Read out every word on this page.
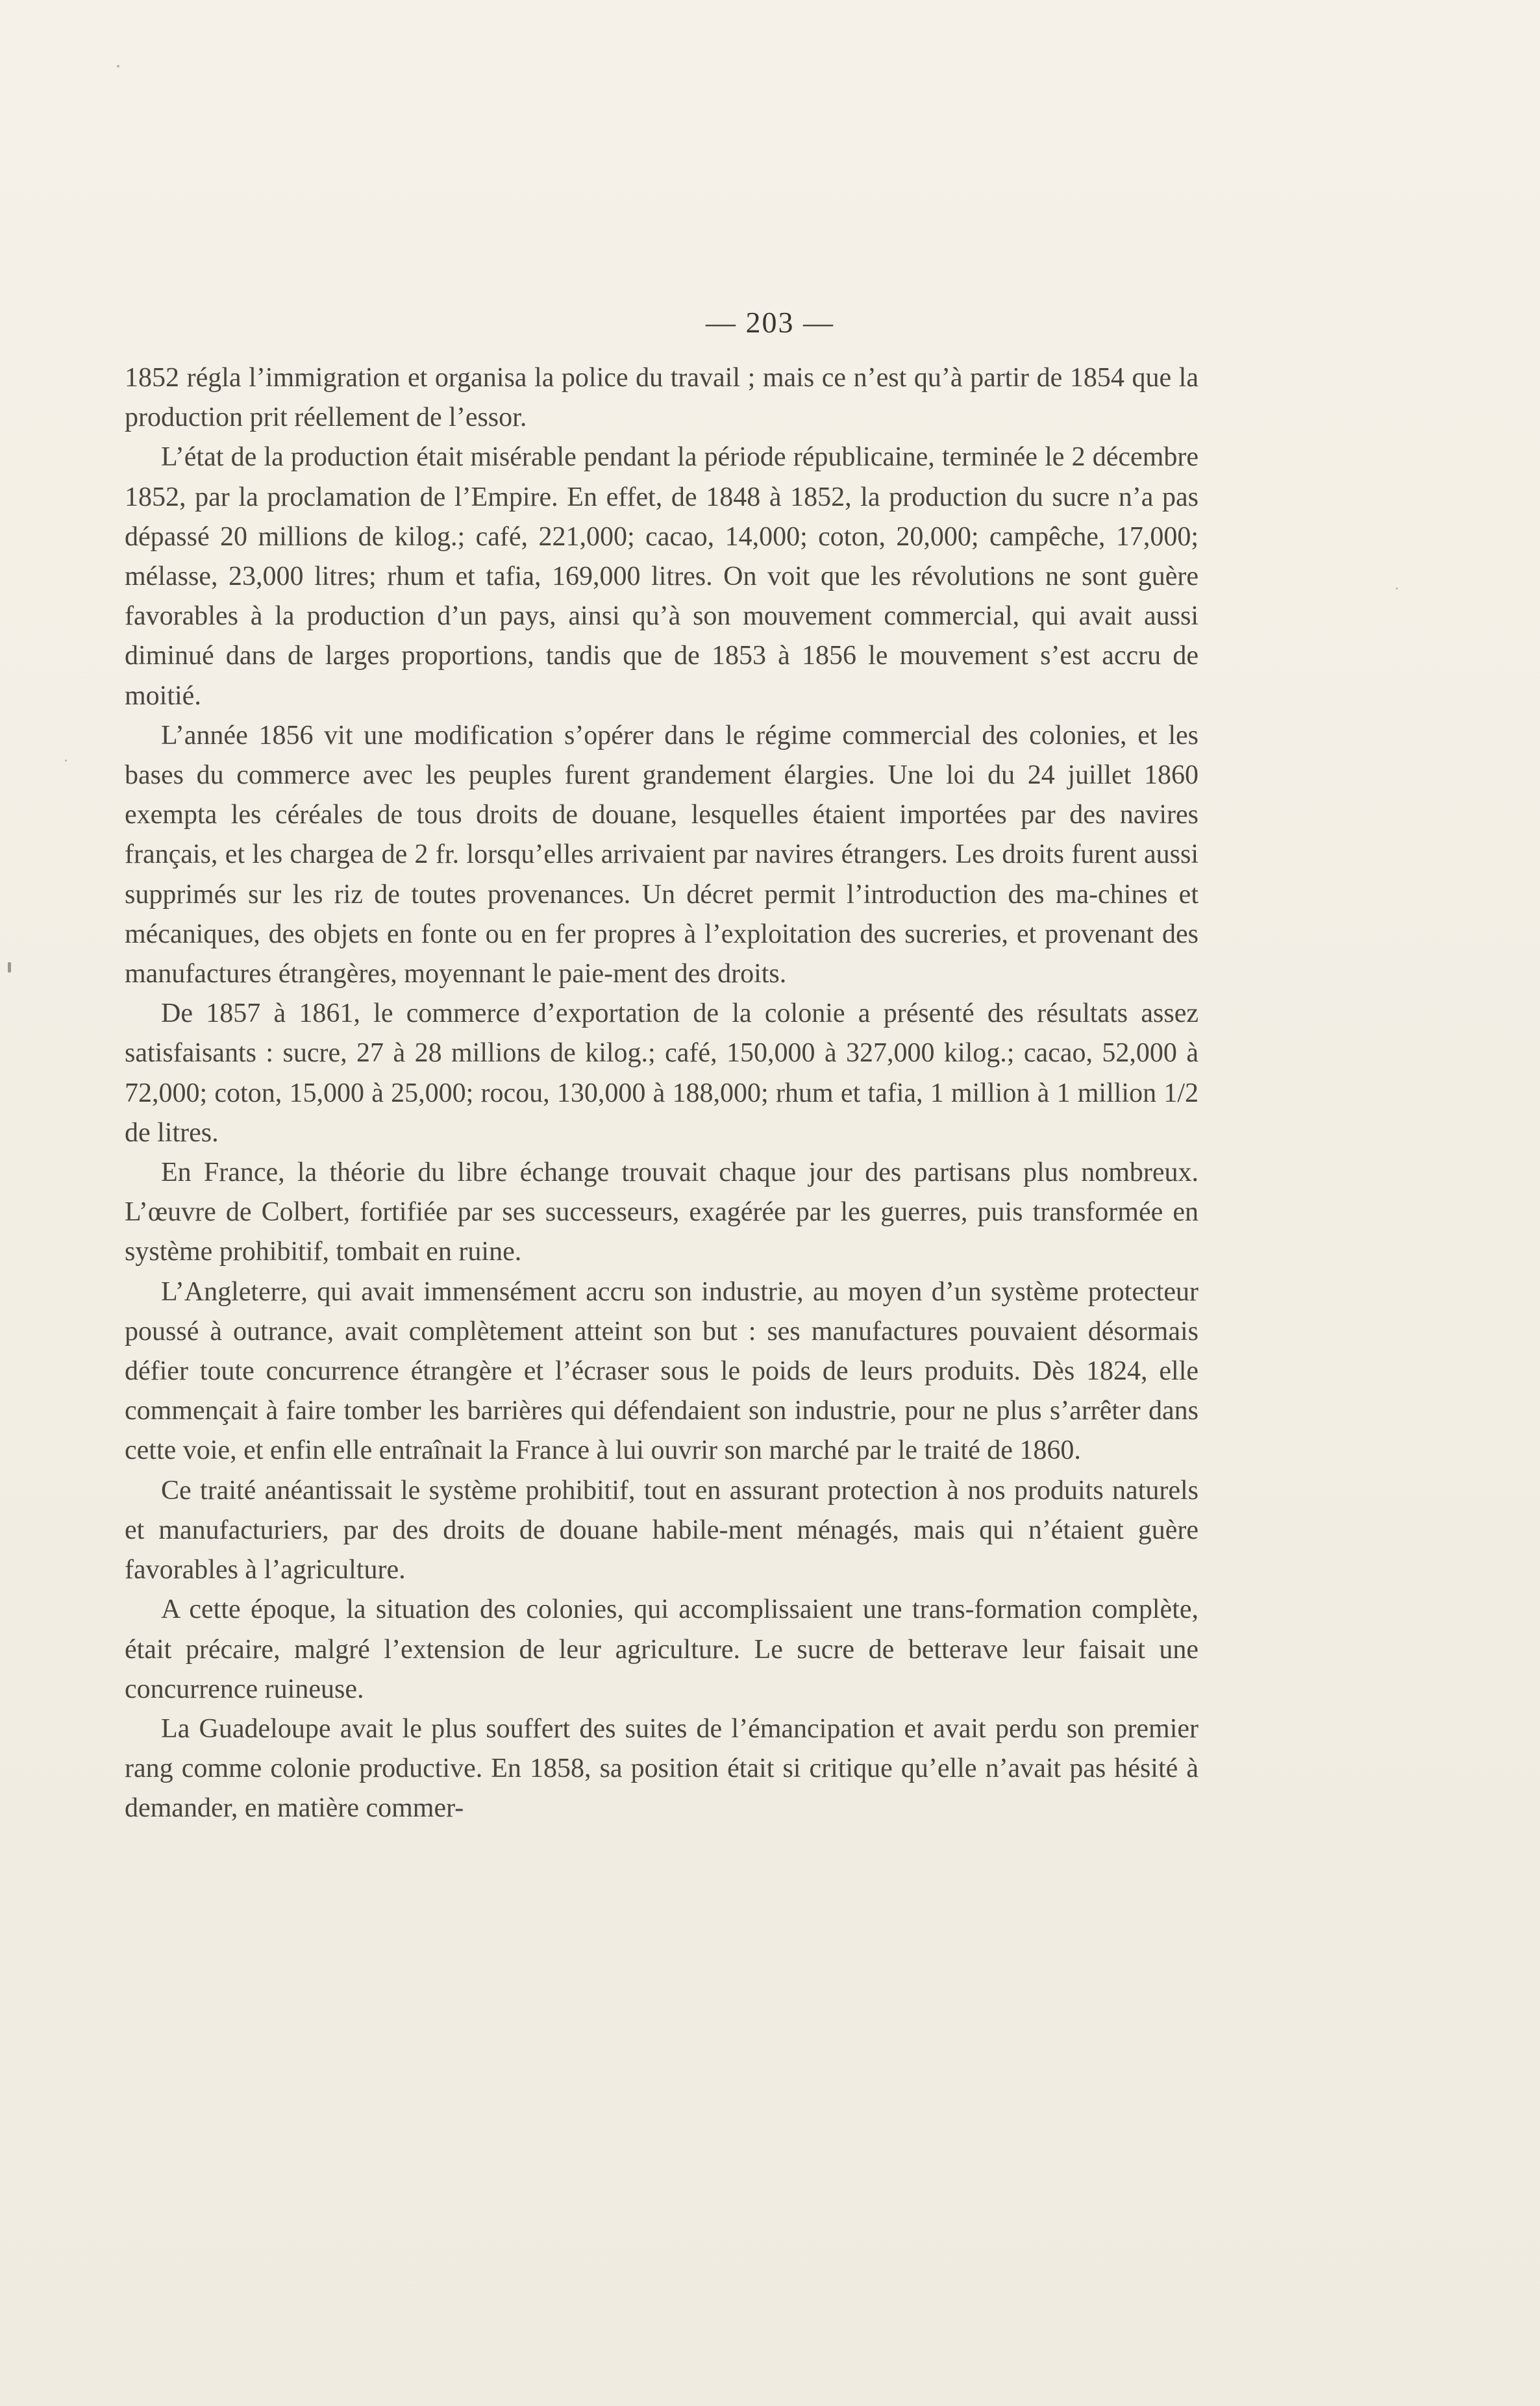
— 203 —

1852 régla l’immigration et organisa la police du travail ; mais ce n’est qu’à partir de 1854 que la production prit réellement de l’essor.

L’état de la production était misérable pendant la période républicaine, terminée le 2 décembre 1852, par la proclamation de l’Empire. En effet, de 1848 à 1852, la production du sucre n’a pas dépassé 20 millions de kilog.; café, 221,000; cacao, 14,000; coton, 20,000; campêche, 17,000; mélasse, 23,000 litres; rhum et tafia, 169,000 litres. On voit que les révolutions ne sont guère favorables à la production d’un pays, ainsi qu’à son mouvement commercial, qui avait aussi diminué dans de larges proportions, tandis que de 1853 à 1856 le mouvement s’est accru de moitié.

L’année 1856 vit une modification s’opérer dans le régime commercial des colonies, et les bases du commerce avec les peuples furent grandement élargies. Une loi du 24 juillet 1860 exempta les céréales de tous droits de douane, lesquelles étaient importées par des navires français, et les chargea de 2 fr. lorsqu’elles arrivaient par navires étrangers. Les droits furent aussi supprimés sur les riz de toutes provenances. Un décret permit l’introduction des ma-chines et mécaniques, des objets en fonte ou en fer propres à l’exploitation des sucreries, et provenant des manufactures étrangères, moyennant le paie-ment des droits.

De 1857 à 1861, le commerce d’exportation de la colonie a présenté des résultats assez satisfaisants : sucre, 27 à 28 millions de kilog.; café, 150,000 à 327,000 kilog.; cacao, 52,000 à 72,000; coton, 15,000 à 25,000; rocou, 130,000 à 188,000; rhum et tafia, 1 million à 1 million 1/2 de litres.

En France, la théorie du libre échange trouvait chaque jour des partisans plus nombreux. L’œuvre de Colbert, fortifiée par ses successeurs, exagérée par les guerres, puis transformée en système prohibitif, tombait en ruine.

L’Angleterre, qui avait immensément accru son industrie, au moyen d’un système protecteur poussé à outrance, avait complètement atteint son but : ses manufactures pouvaient désormais défier toute concurrence étrangère et l’écraser sous le poids de leurs produits. Dès 1824, elle commençait à faire tomber les barrières qui défendaient son industrie, pour ne plus s’arrêter dans cette voie, et enfin elle entraînait la France à lui ouvrir son marché par le traité de 1860.

Ce traité anéantissait le système prohibitif, tout en assurant protection à nos produits naturels et manufacturiers, par des droits de douane habile-ment ménagés, mais qui n’étaient guère favorables à l’agriculture.

A cette époque, la situation des colonies, qui accomplissaient une trans-formation complète, était précaire, malgré l’extension de leur agriculture. Le sucre de betterave leur faisait une concurrence ruineuse.

La Guadeloupe avait le plus souffert des suites de l’émancipation et avait perdu son premier rang comme colonie productive. En 1858, sa position était si critique qu’elle n’avait pas hésité à demander, en matière commer-
